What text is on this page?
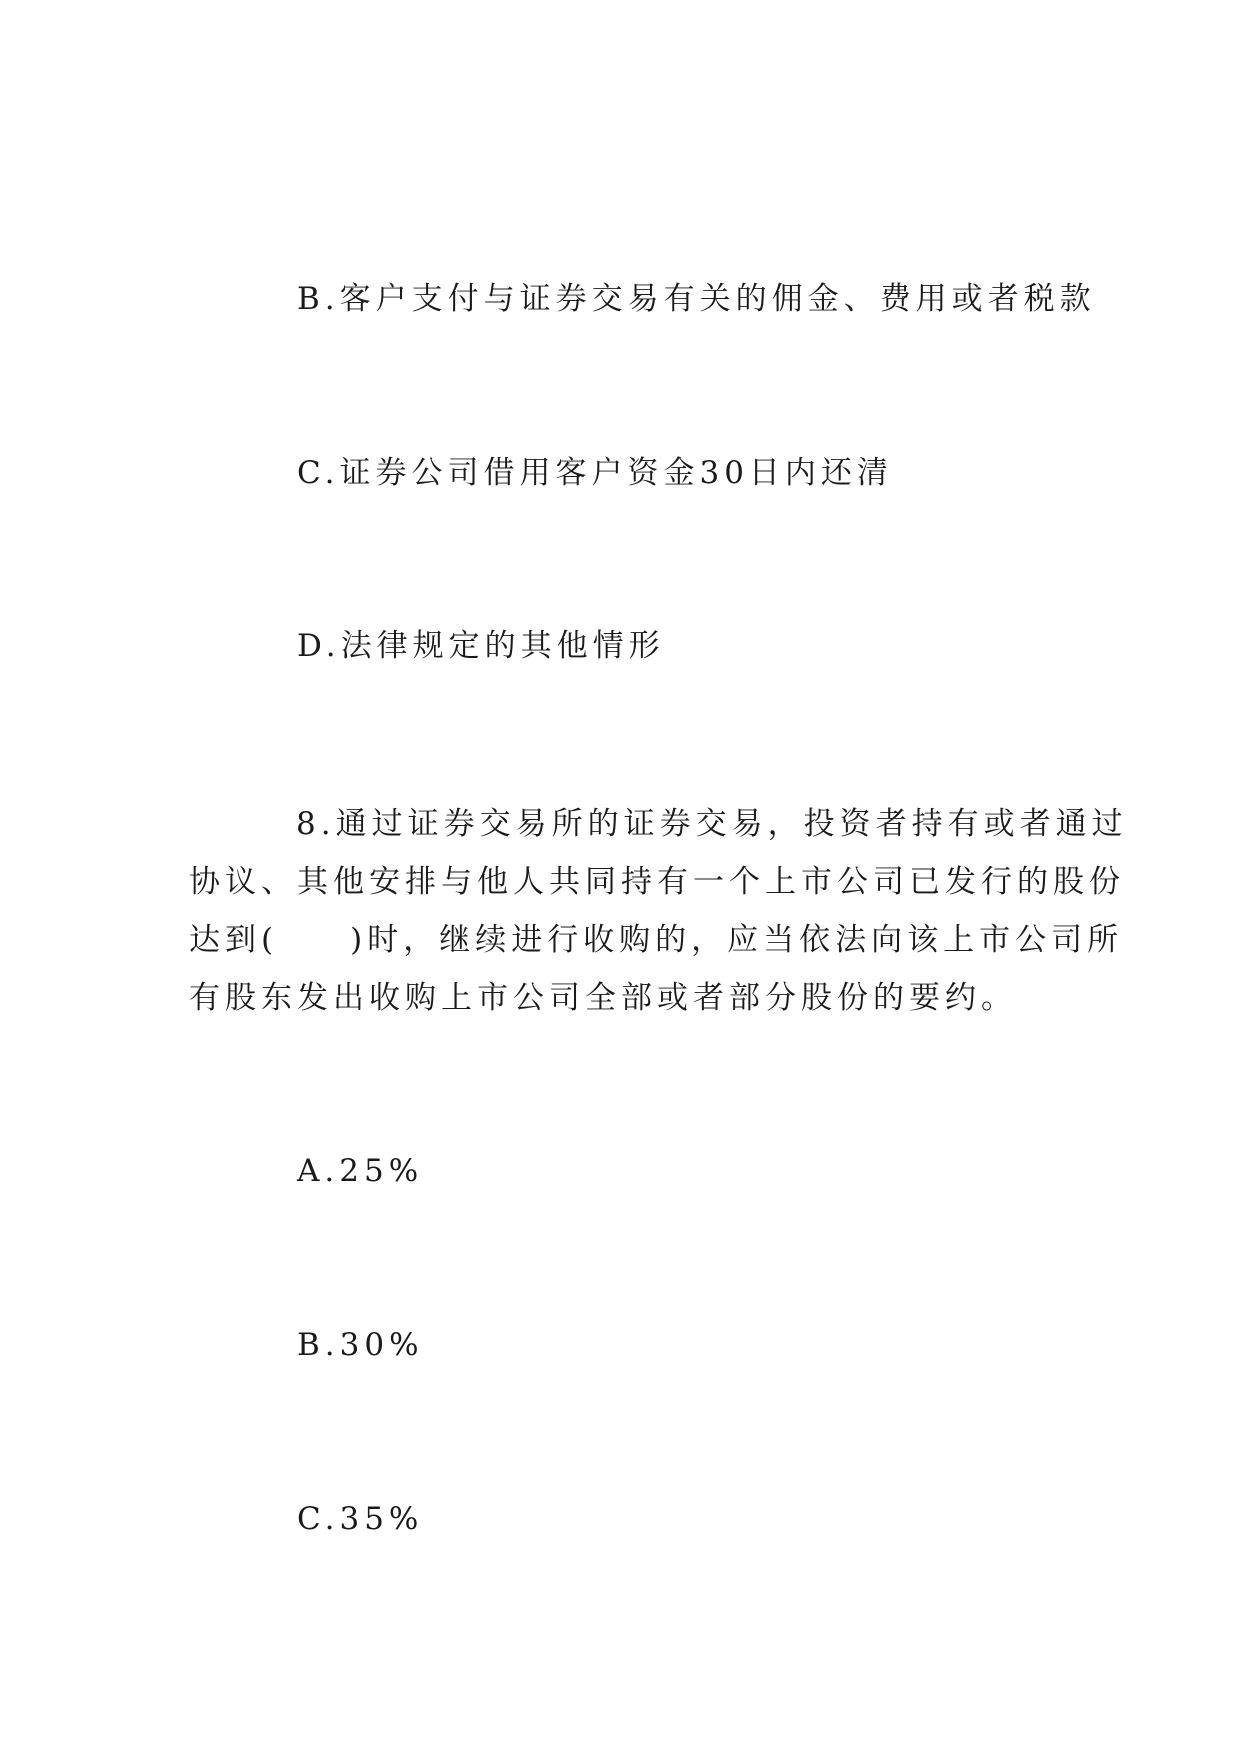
B.客户支付与证券交易有关的佣金、费用或者税款
C.证券公司借用客户资金30日内还清
D.法律规定的其他情形
8.通过证券交易所的证券交易，投资者持有或者通过
协议、其他安排与他人共同持有一个上市公司已发行的股份
达到(　　)时，继续进行收购的，应当依法向该上市公司所
有股东发出收购上市公司全部或者部分股份的要约。
A.25%
B.30%
C.35%
